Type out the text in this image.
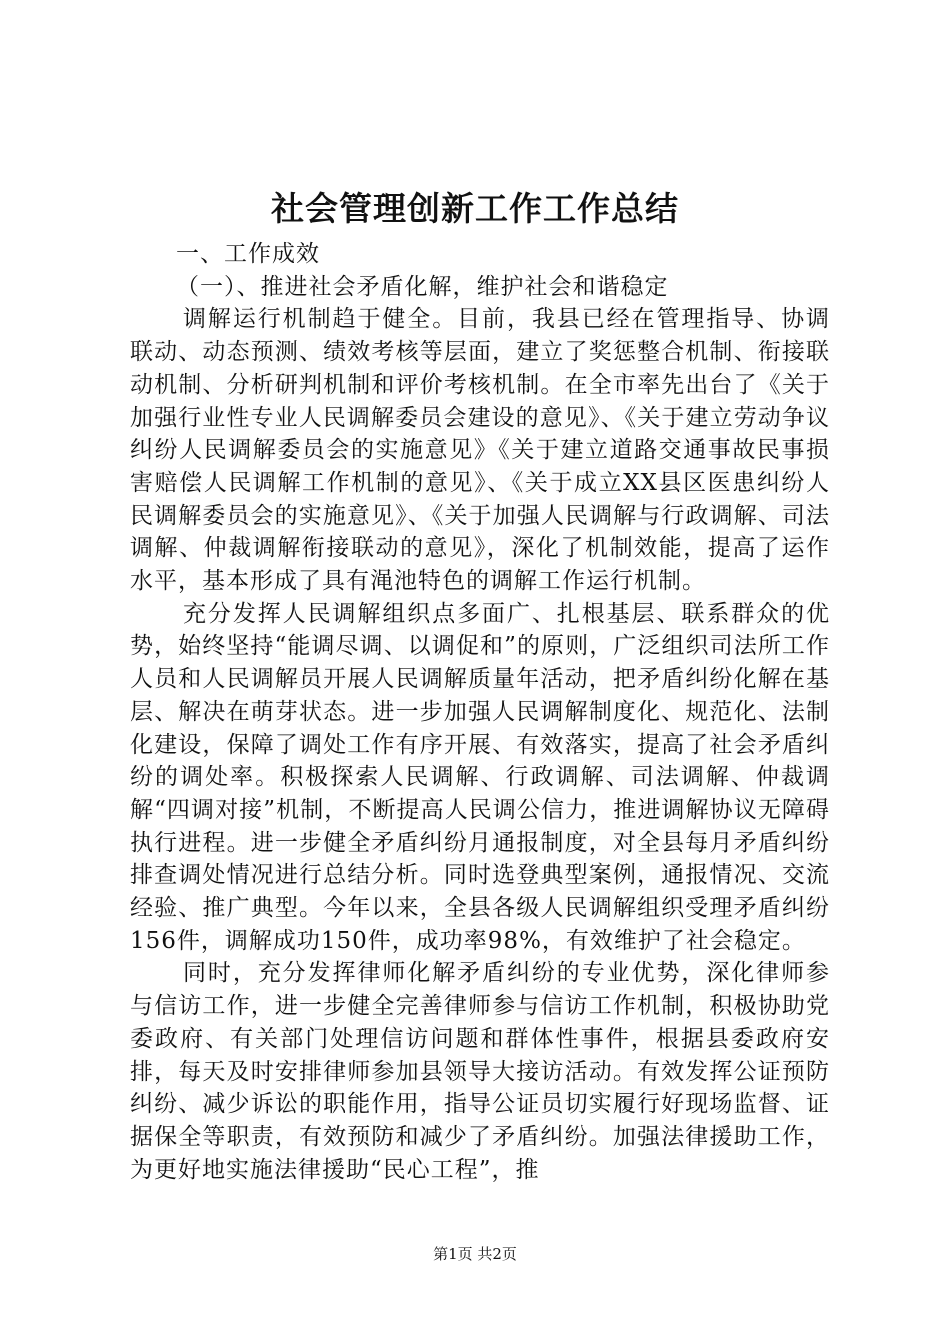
社会管理创新工作工作总结

一、工作成效

（一）、推进社会矛盾化解，维护社会和谐稳定

调解运行机制趋于健全。目前，我县已经在管理指导、协调联动、动态预测、绩效考核等层面，建立了奖惩整合机制、衔接联动机制、分析研判机制和评价考核机制。在全市率先出台了《关于加强行业性专业人民调解委员会建设的意见》、《关于建立劳动争议纠纷人民调解委员会的实施意见》《关于建立道路交通事故民事损害赔偿人民调解工作机制的意见》、《关于成立XX县区医患纠纷人民调解委员会的实施意见》、《关于加强人民调解与行政调解、司法调解、仲裁调解衔接联动的意见》，深化了机制效能，提高了运作水平，基本形成了具有渑池特色的调解工作运行机制。

充分发挥人民调解组织点多面广、扎根基层、联系群众的优势，始终坚持“能调尽调、以调促和”的原则，广泛组织司法所工作人员和人民调解员开展人民调解质量年活动，把矛盾纠纷化解在基层、解决在萌芽状态。进一步加强人民调解制度化、规范化、法制化建设，保障了调处工作有序开展、有效落实，提高了社会矛盾纠纷的调处率。积极探索人民调解、行政调解、司法调解、仲裁调解“四调对接”机制，不断提高人民调公信力，推进调解协议无障碍执行进程。进一步健全矛盾纠纷月通报制度，对全县每月矛盾纠纷排查调处情况进行总结分析。同时选登典型案例，通报情况、交流经验、推广典型。今年以来，全县各级人民调解组织受理矛盾纠纷156件，调解成功150件，成功率98%，有效维护了社会稳定。

同时，充分发挥律师化解矛盾纠纷的专业优势，深化律师参与信访工作，进一步健全完善律师参与信访工作机制，积极协助党委政府、有关部门处理信访问题和群体性事件，根据县委政府安排，每天及时安排律师参加县领导大接访活动。有效发挥公证预防纠纷、减少诉讼的职能作用，指导公证员切实履行好现场监督、证据保全等职责，有效预防和减少了矛盾纠纷。加强法律援助工作，为更好地实施法律援助“民心工程”，推

第1页 共2页
